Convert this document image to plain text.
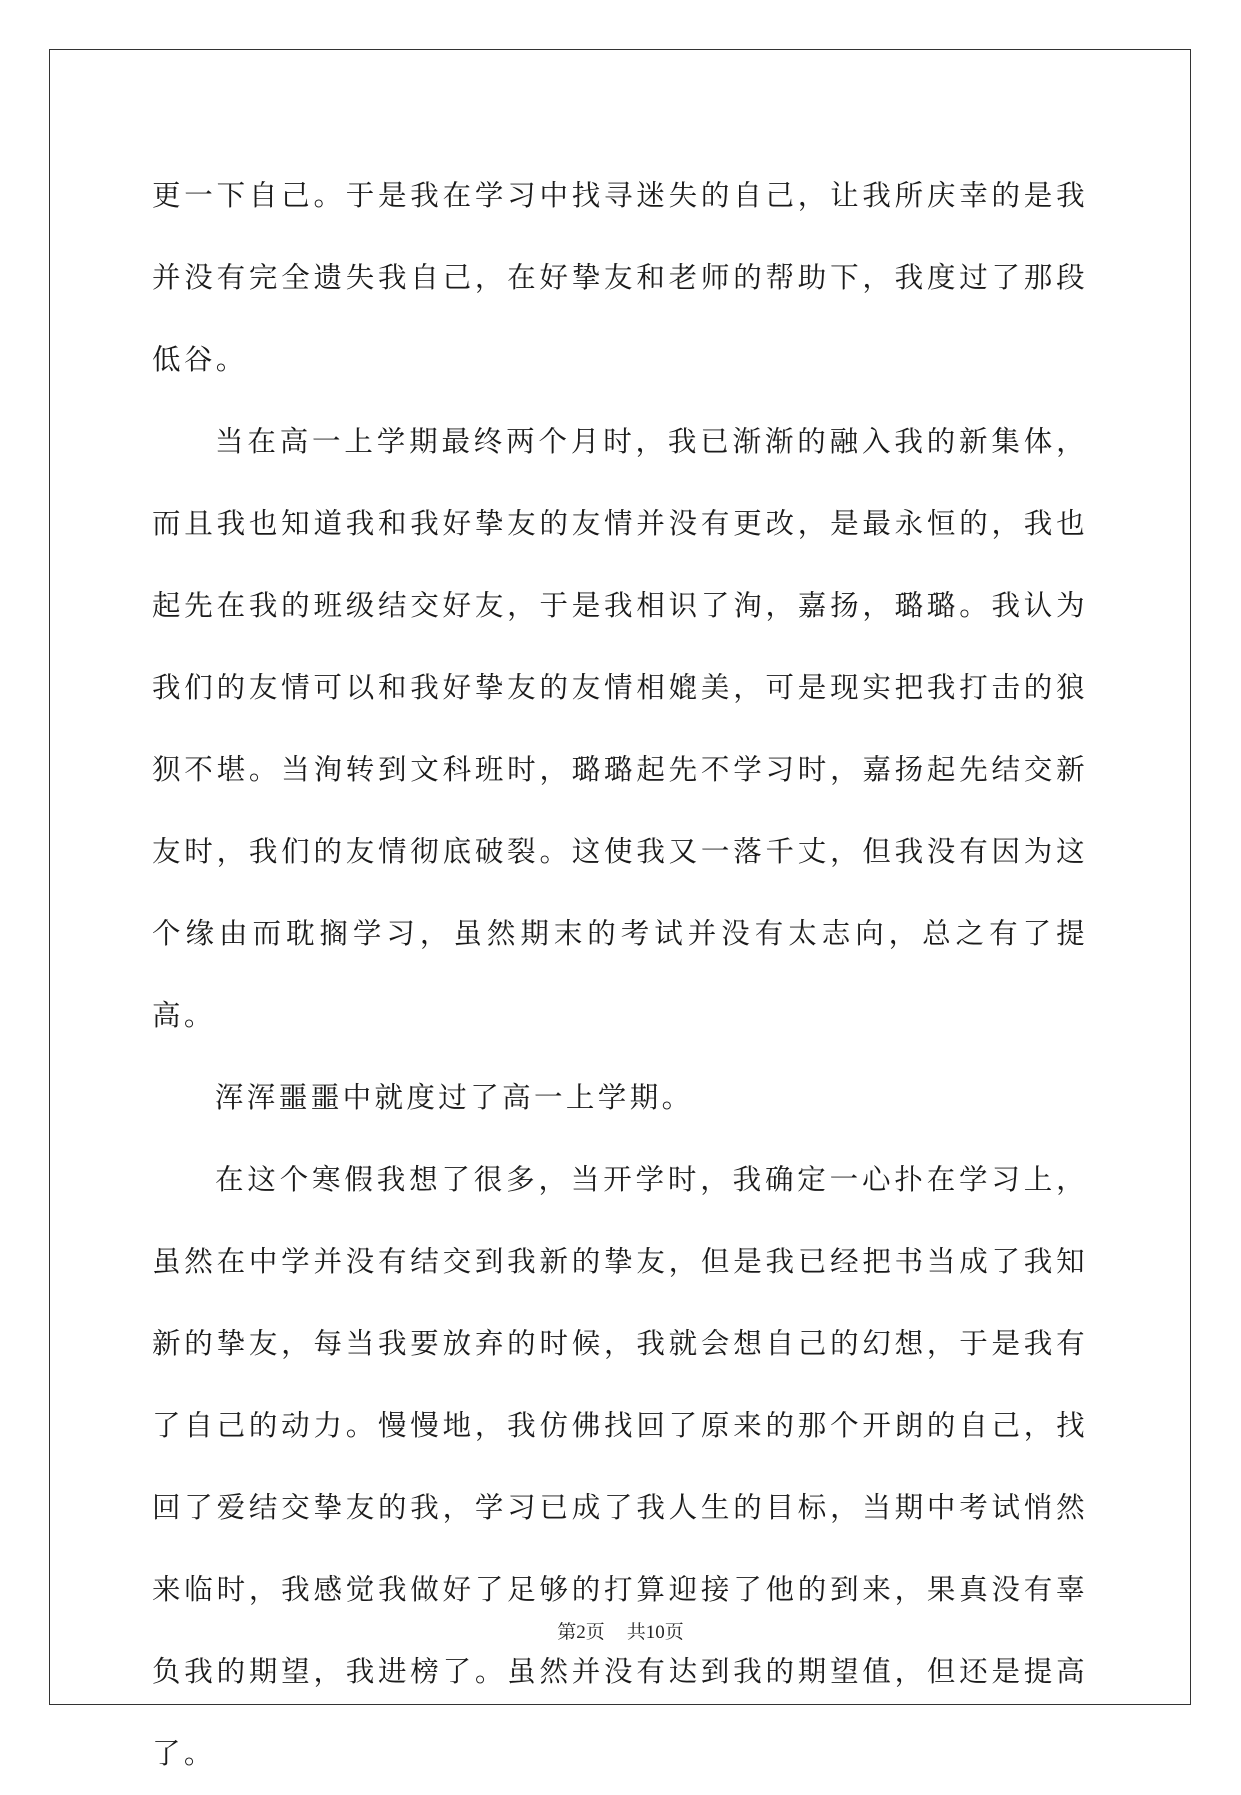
更一下自己。于是我在学习中找寻迷失的自己，让我所庆幸的是我并没有完全遗失我自己，在好挚友和老师的帮助下，我度过了那段低谷。

当在高一上学期最终两个月时，我已渐渐的融入我的新集体，而且我也知道我和我好挚友的友情并没有更改，是最永恒的，我也起先在我的班级结交好友，于是我相识了洵，嘉扬，璐璐。我认为我们的友情可以和我好挚友的友情相媲美，可是现实把我打击的狼狈不堪。当洵转到文科班时，璐璐起先不学习时，嘉扬起先结交新友时，我们的友情彻底破裂。这使我又一落千丈，但我没有因为这个缘由而耽搁学习，虽然期末的考试并没有太志向，总之有了提高。

浑浑噩噩中就度过了高一上学期。

在这个寒假我想了很多，当开学时，我确定一心扑在学习上，虽然在中学并没有结交到我新的挚友，但是我已经把书当成了我知新的挚友，每当我要放弃的时候，我就会想自己的幻想，于是我有了自己的动力。慢慢地，我仿佛找回了原来的那个开朗的自己，找回了爱结交挚友的我，学习已成了我人生的目标，当期中考试悄然来临时，我感觉我做好了足够的打算迎接了他的到来，果真没有辜负我的期望，我进榜了。虽然并没有达到我的期望值，但还是提高了。

第2页 共10页
